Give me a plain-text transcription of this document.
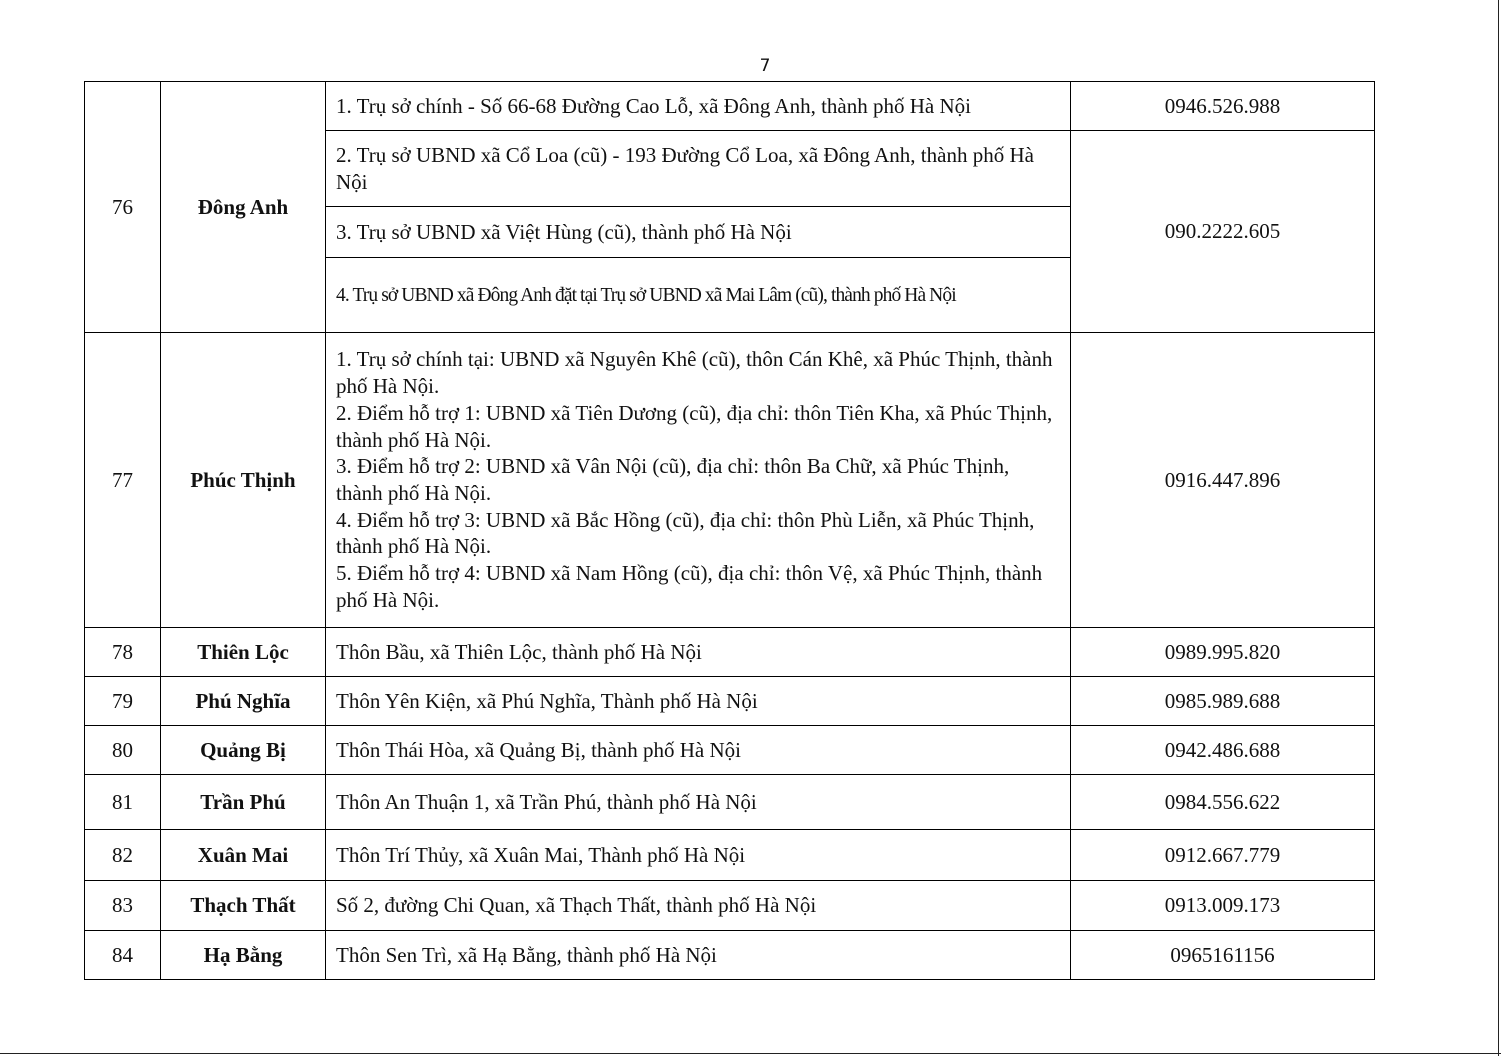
7
76	Đông Anh	1. Trụ sở chính - Số 66-68 Đường Cao Lỗ, xã Đông Anh, thành phố Hà Nội	0946.526.988
		2. Trụ sở UBND xã Cổ Loa (cũ) - 193 Đường Cổ Loa, xã Đông Anh, thành phố Hà Nội	090.2222.605
		3. Trụ sở UBND xã Việt Hùng (cũ), thành phố Hà Nội	
		4. Trụ sở UBND xã Đông Anh đặt tại Trụ sở UBND xã Mai Lâm (cũ), thành phố Hà Nội	
77	Phúc Thịnh	1. Trụ sở chính tại: UBND xã Nguyên Khê (cũ), thôn Cán Khê, xã Phúc Thịnh, thành phố Hà Nội.
2. Điểm hỗ trợ 1: UBND xã Tiên Dương (cũ), địa chỉ: thôn Tiên Kha, xã Phúc Thịnh, thành phố Hà Nội.
3. Điểm hỗ trợ 2: UBND xã Vân Nội (cũ), địa chỉ: thôn Ba Chữ, xã Phúc Thịnh, thành phố Hà Nội.
4. Điểm hỗ trợ 3: UBND xã Bắc Hồng (cũ), địa chỉ: thôn Phù Liễn, xã Phúc Thịnh, thành phố Hà Nội.
5. Điểm hỗ trợ 4: UBND xã Nam Hồng (cũ), địa chỉ: thôn Vệ, xã Phúc Thịnh, thành phố Hà Nội.	0916.447.896
78	Thiên Lộc	Thôn Bầu, xã Thiên Lộc, thành phố Hà Nội	0989.995.820
79	Phú Nghĩa	Thôn Yên Kiện, xã Phú Nghĩa, Thành phố Hà Nội	0985.989.688
80	Quảng Bị	Thôn Thái Hòa, xã Quảng Bị, thành phố Hà Nội	0942.486.688
81	Trần Phú	Thôn An Thuận 1, xã Trần Phú, thành phố Hà Nội	0984.556.622
82	Xuân Mai	Thôn Trí Thủy, xã Xuân Mai, Thành phố Hà Nội	0912.667.779
83	Thạch Thất	Số 2, đường Chi Quan, xã Thạch Thất, thành phố Hà Nội	0913.009.173
84	Hạ Bằng	Thôn Sen Trì, xã Hạ Bằng, thành phố Hà Nội	0965161156
